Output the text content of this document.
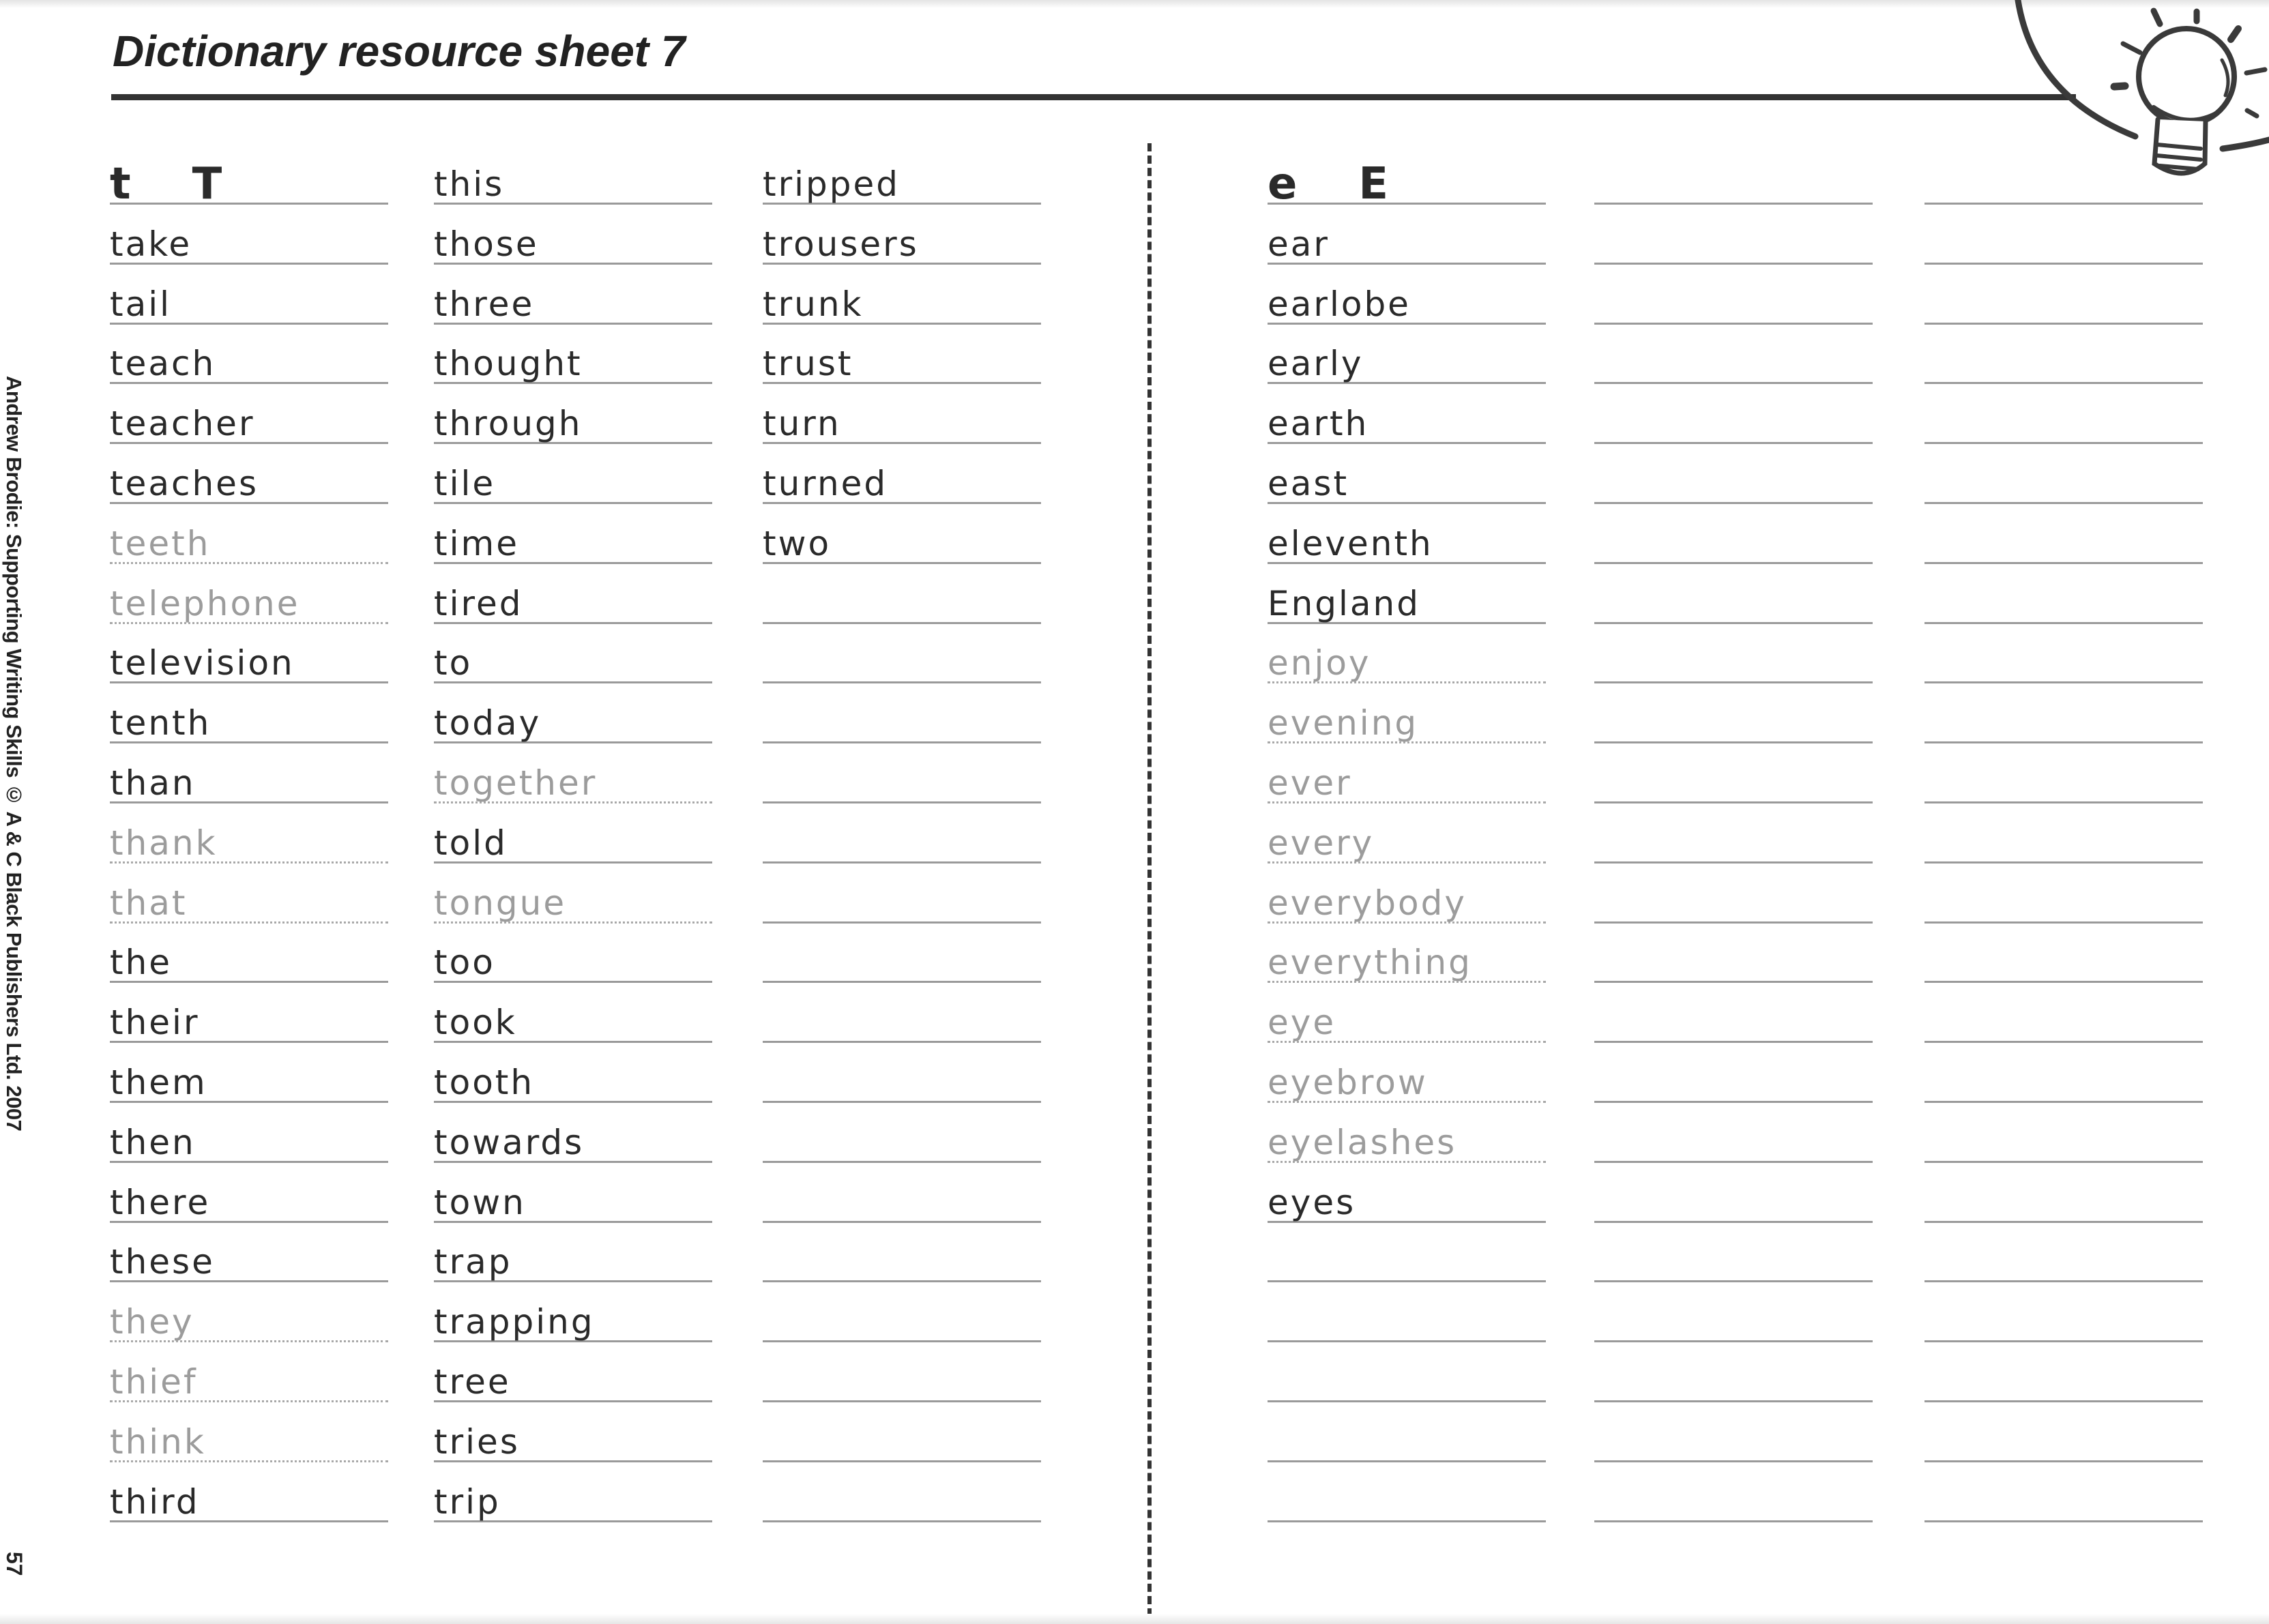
Dictionary resource sheet 7
Andrew Brodie: Supporting Writing Skills © A & C Black Publishers Ltd. 2007
57
t T
take
tail
teach
teacher
teaches
teeth
telephone
television
tenth
than
thank
that
the
their
them
then
there
these
they
thief
think
third
this
those
three
thought
through
tile
time
tired
to
today
together
told
tongue
too
took
tooth
towards
town
trap
trapping
tree
tries
trip
tripped
trousers
trunk
trust
turn
turned
two
e E
ear
earlobe
early
earth
east
eleventh
England
enjoy
evening
ever
every
everybody
everything
eye
eyebrow
eyelashes
eyes
